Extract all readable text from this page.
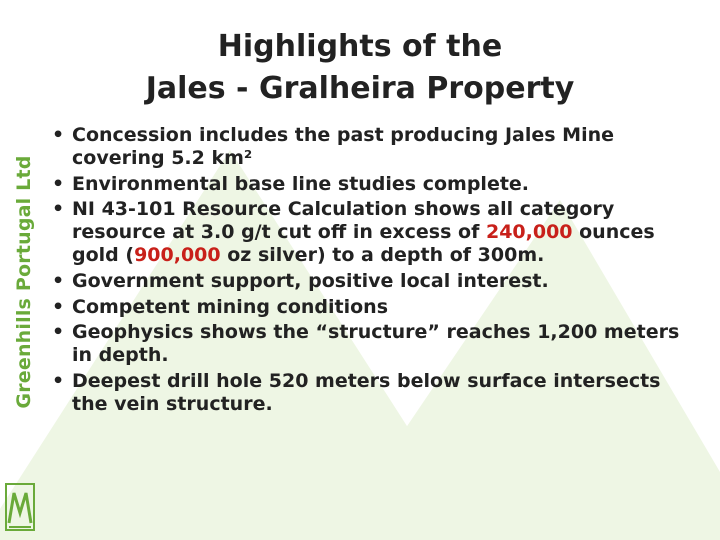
Greenhills Portugal Ltd
Highlights of the
Jales - Gralheira Property
• Concession includes the past producing Jales Mine covering 5.2 km²
• Environmental base line studies complete.
• NI 43-101 Resource Calculation shows all category resource at 3.0 g/t cut off in excess of 240,000 ounces gold (900,000 oz silver) to a depth of 300m.
• Government support, positive local interest.
• Competent mining conditions
• Geophysics shows the “structure” reaches 1,200 meters in depth.
• Deepest drill hole 520 meters below surface intersects the vein structure.
